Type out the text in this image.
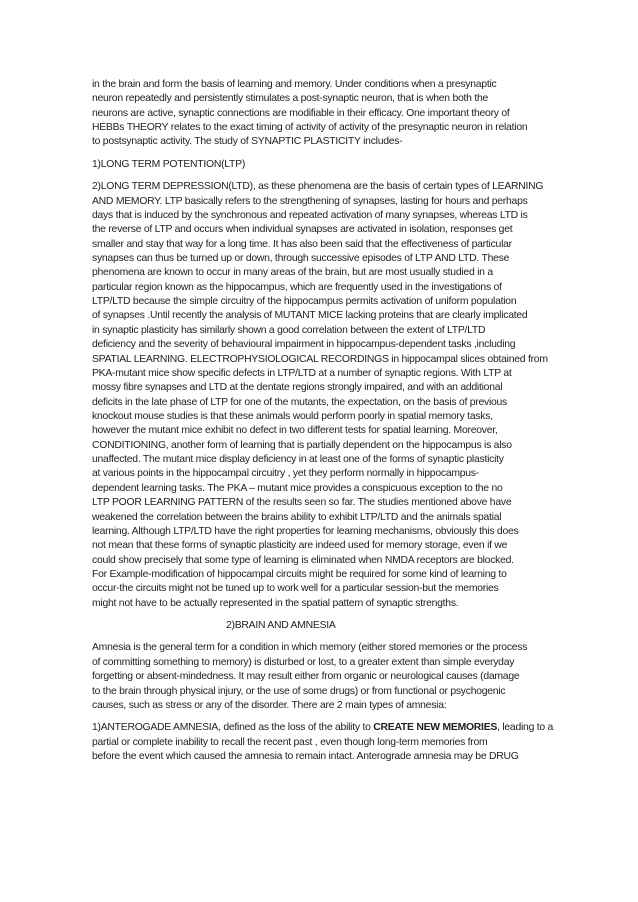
in the brain and form the basis of learning and memory. Under conditions when a presynaptic
neuron repeatedly and persistently stimulates a post-synaptic neuron, that is when both the
neurons are active, synaptic connections are modifiable in their efficacy. One important theory of
HEBBs THEORY relates to the exact timing of activity of activity of the presynaptic neuron in relation
to postsynaptic activity. The study of SYNAPTIC PLASTICITY includes-
1)LONG TERM POTENTION(LTP)
2)LONG TERM DEPRESSION(LTD), as these phenomena are the basis of certain types of LEARNING
AND MEMORY. LTP basically refers to the strengthening of synapses, lasting for hours and perhaps
days that is induced by the synchronous and repeated activation of many synapses, whereas LTD is
the reverse of LTP and occurs when individual synapses are activated in isolation, responses get
smaller and stay that way for a long time. It has also been said that the effectiveness of particular
synapses can thus be turned up or down, through successive episodes of LTP AND LTD. These
phenomena are known to occur in many areas of the brain, but are most usually studied in a
particular region known as the hippocampus, which are frequently used in the investigations of
LTP/LTD because the simple circuitry of the hippocampus permits activation of uniform population
of synapses .Until recently the analysis of MUTANT MICE lacking proteins that are clearly implicated
in synaptic plasticity has similarly shown a good correlation between the extent of LTP/LTD
deficiency and the severity of behavioural impairment in hippocampus-dependent tasks ,including
SPATIAL LEARNING. ELECTROPHYSIOLOGICAL RECORDINGS in hippocampal slices obtained from
PKA-mutant mice show specific defects in LTP/LTD at a number of synaptic regions. With LTP at
mossy fibre synapses and LTD at the dentate regions strongly impaired, and with an additional
deficits in the late phase of LTP for one of the mutants, the expectation, on the basis of previous
knockout mouse studies is that these animals would perform poorly in spatial memory tasks,
however the mutant mice exhibit no defect in two different tests for spatial learning. Moreover,
CONDITIONING, another form of learning that is partially dependent on the hippocampus is also
unaffected. The mutant mice display deficiency in at least one of the forms of synaptic plasticity
at various points in the hippocampal circuitry , yet they perform normally in hippocampus-
dependent learning tasks. The PKA – mutant mice provides a conspicuous exception to the no
LTP POOR LEARNING PATTERN of the results seen so far. The studies mentioned above have
weakened the correlation between the brains ability to exhibit LTP/LTD and the animals spatial
learning. Although LTP/LTD have the right properties for learning mechanisms, obviously this does
not mean that these forms of synaptic plasticity are indeed used for memory storage, even if we
could show precisely that some type of learning is eliminated when NMDA receptors are blocked.
For Example-modification of hippocampal circuits might be required for some kind of learning to
occur-the circuits might not be tuned up to work well for a particular session-but the memories
might not have to be actually represented in the spatial pattern of synaptic strengths.
2)BRAIN AND AMNESIA
Amnesia is the general term for a condition in which memory (either stored memories or the process
of committing something to memory) is disturbed or lost, to a greater extent than simple everyday
forgetting or absent-mindedness. It may result either from organic or neurological causes (damage
to the brain through physical injury, or the use of some drugs) or from functional or psychogenic
causes, such as stress or any of the disorder. There are 2 main types of amnesia:
1)ANTEROGADE AMNESIA, defined as the loss of the ability to CREATE NEW MEMORIES, leading to a
partial or complete inability to recall the recent past , even though long-term memories from
before the event which caused the amnesia to remain intact. Anterograde amnesia may be DRUG
